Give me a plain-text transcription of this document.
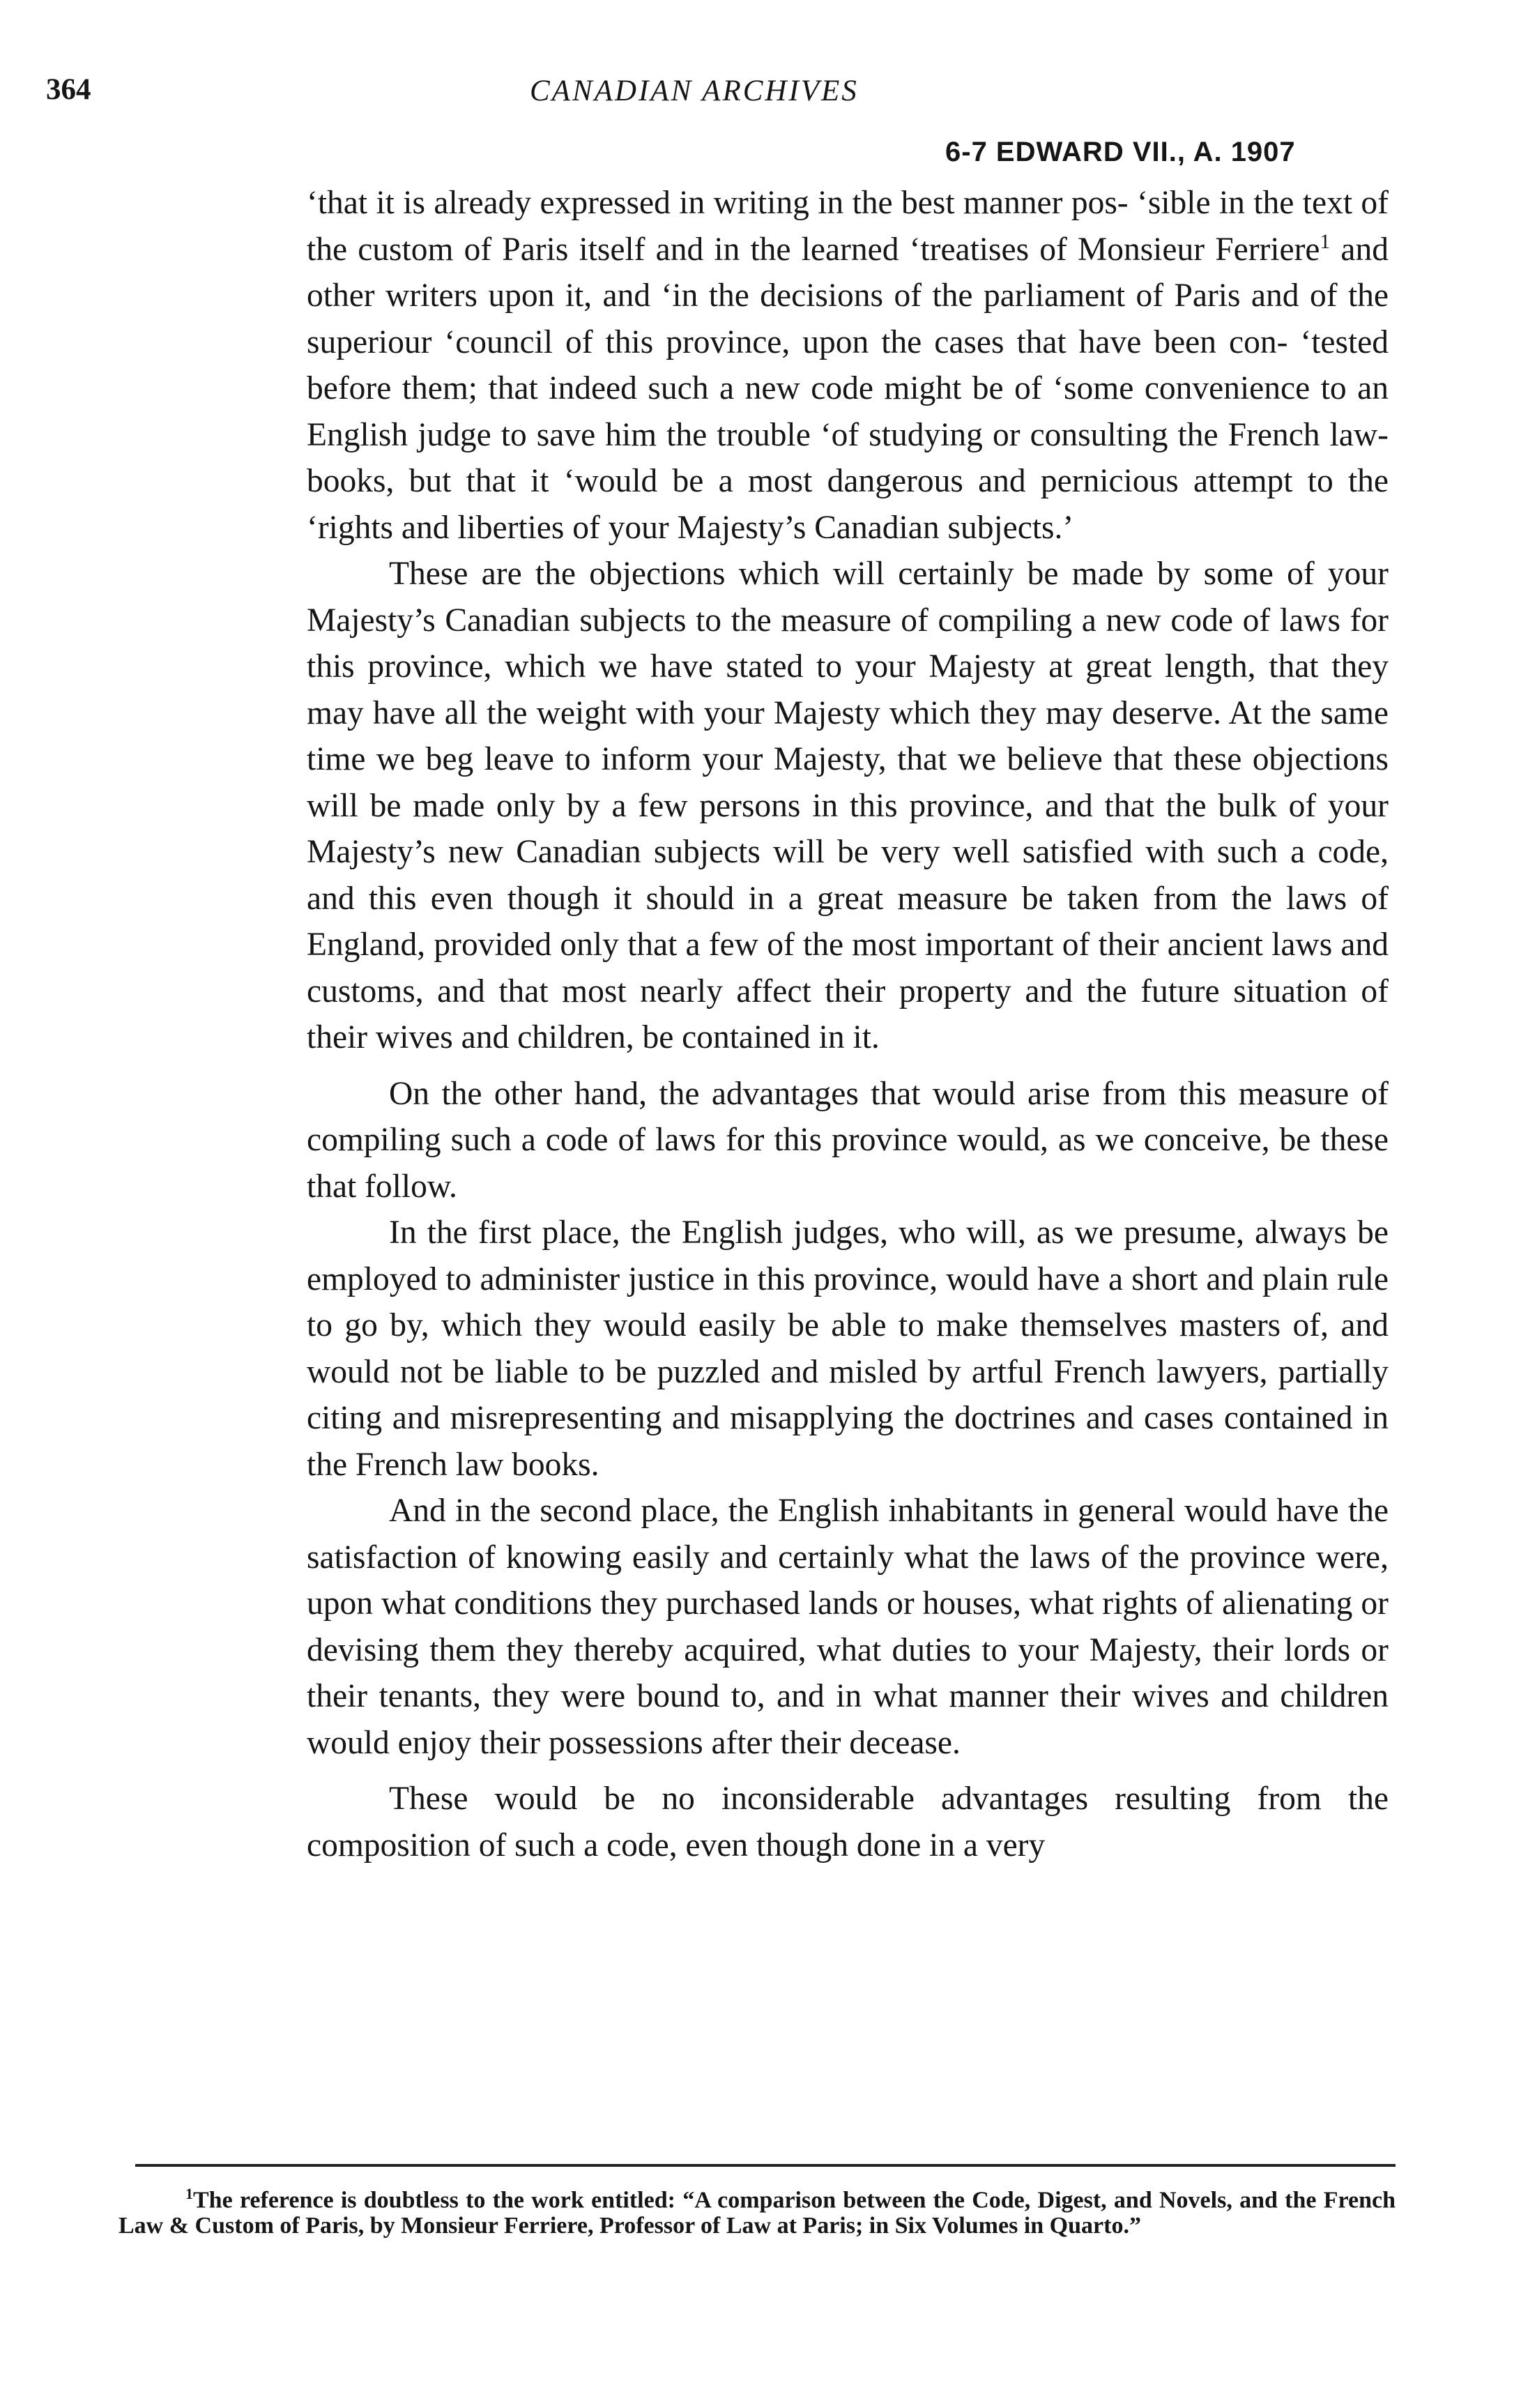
364	CANADIAN ARCHIVES
6-7 EDWARD VII., A. 1907

‘that it is already expressed in writing in the best manner pos- ‘sible in the text of the custom of Paris itself and in the learned ‘treatises of Monsieur Ferriere$^1$ and other writers upon it, and ‘in the decisions of the parliament of Paris and of the superiour ‘council of this province, upon the cases that have been con- ‘tested before them; that indeed such a new code might be of ‘some convenience to an English judge to save him the trouble ‘of studying or consulting the French law-books, but that it ‘would be a most dangerous and pernicious attempt to the ‘rights and liberties of your Majesty’s Canadian subjects.’

These are the objections which will certainly be made by some of your Majesty’s Canadian subjects to the measure of compiling a new code of laws for this province, which we have stated to your Majesty at great length, that they may have all the weight with your Majesty which they may deserve. At the same time we beg leave to inform your Majesty, that we believe that these objections will be made only by a few persons in this province, and that the bulk of your Majesty’s new Canadian subjects will be very well satisfied with such a code, and this even though it should in a great measure be taken from the laws of England, provided only that a few of the most important of their ancient laws and customs, and that most nearly affect their property and the future situation of their wives and children, be contained in it.

On the other hand, the advantages that would arise from this measure of compiling such a code of laws for this province would, as we conceive, be these that follow.

In the first place, the English judges, who will, as we presume, always be employed to administer justice in this province, would have a short and plain rule to go by, which they would easily be able to make themselves masters of, and would not be liable to be puzzled and misled by artful French lawyers, partially citing and misrepresenting and misapplying the doctrines and cases contained in the French law books.

And in the second place, the English inhabitants in general would have the satisfaction of knowing easily and certainly what the laws of the province were, upon what conditions they purchased lands or houses, what rights of alienating or devising them they thereby acquired, what duties to your Majesty, their lords or their tenants, they were bound to, and in what manner their wives and children would enjoy their possessions after their decease.

These would be no inconsiderable advantages resulting from the composition of such a code, even though done in a very

$^1$The reference is doubtless to the work entitled: “A comparison between the Code, Digest, and Novels, and the French Law & Custom of Paris, by Monsieur Ferriere, Professor of Law at Paris; in Six Volumes in Quarto.”
